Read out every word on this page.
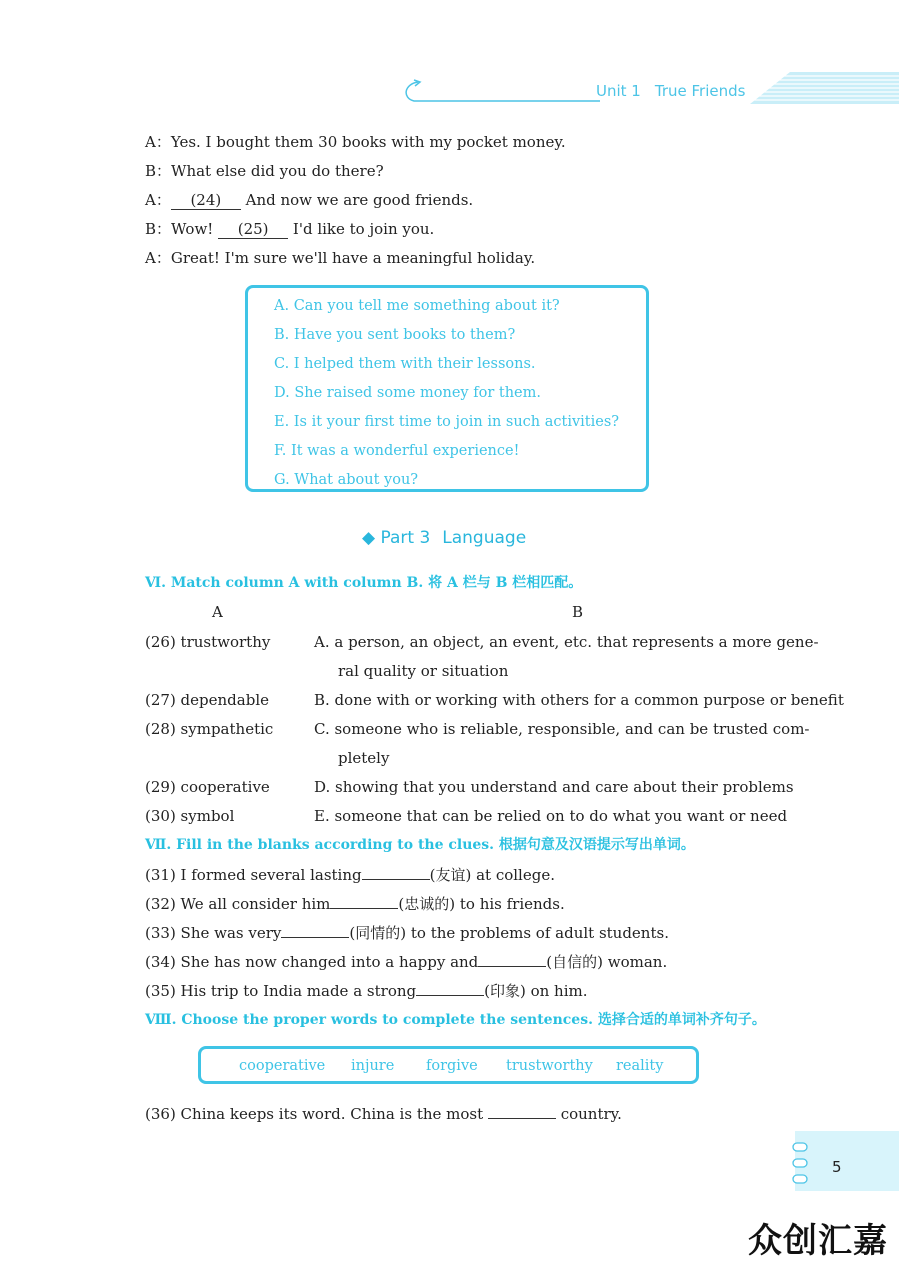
Unit 1 True Friends
A：Yes. I bought them 30 books with my pocket money.
B：What else did you do there?
A： (24) And now we are good friends.
B：Wow! (25) I'd like to join you.
A：Great! I'm sure we'll have a meaningful holiday.
A. Can you tell me something about it?
B. Have you sent books to them?
C. I helped them with their lessons.
D. She raised some money for them.
E. Is it your first time to join in such activities?
F. It was a wonderful experience!
G. What about you?
◆ Part 3 Language
Ⅵ. Match column A with column B. 将 A 栏与 B 栏相匹配。
A	B
(26) trustworthy	A. a person, an object, an event, etc. that represents a more gene-
ral quality or situation
(27) dependable	B. done with or working with others for a common purpose or benefit
(28) sympathetic	C. someone who is reliable, responsible, and can be trusted com-
pletely
(29) cooperative	D. showing that you understand and care about their problems
(30) symbol	E. someone that can be relied on to do what you want or need
Ⅶ. Fill in the blanks according to the clues. 根据句意及汉语提示写出单词。
(31) I formed several lasting	(友谊) at college.
(32) We all consider him	(忠诚的) to his friends.
(33) She was very	(同情的) to the problems of adult students.
(34) She has now changed into a happy and	(自信的) woman.
(35) His trip to India made a strong	(印象) on him.
Ⅷ. Choose the proper words to complete the sentences. 选择合适的单词补齐句子。
cooperative injure forgive trustworthy reality
(36) China keeps its word. China is the most	country.
5
众创汇嘉
